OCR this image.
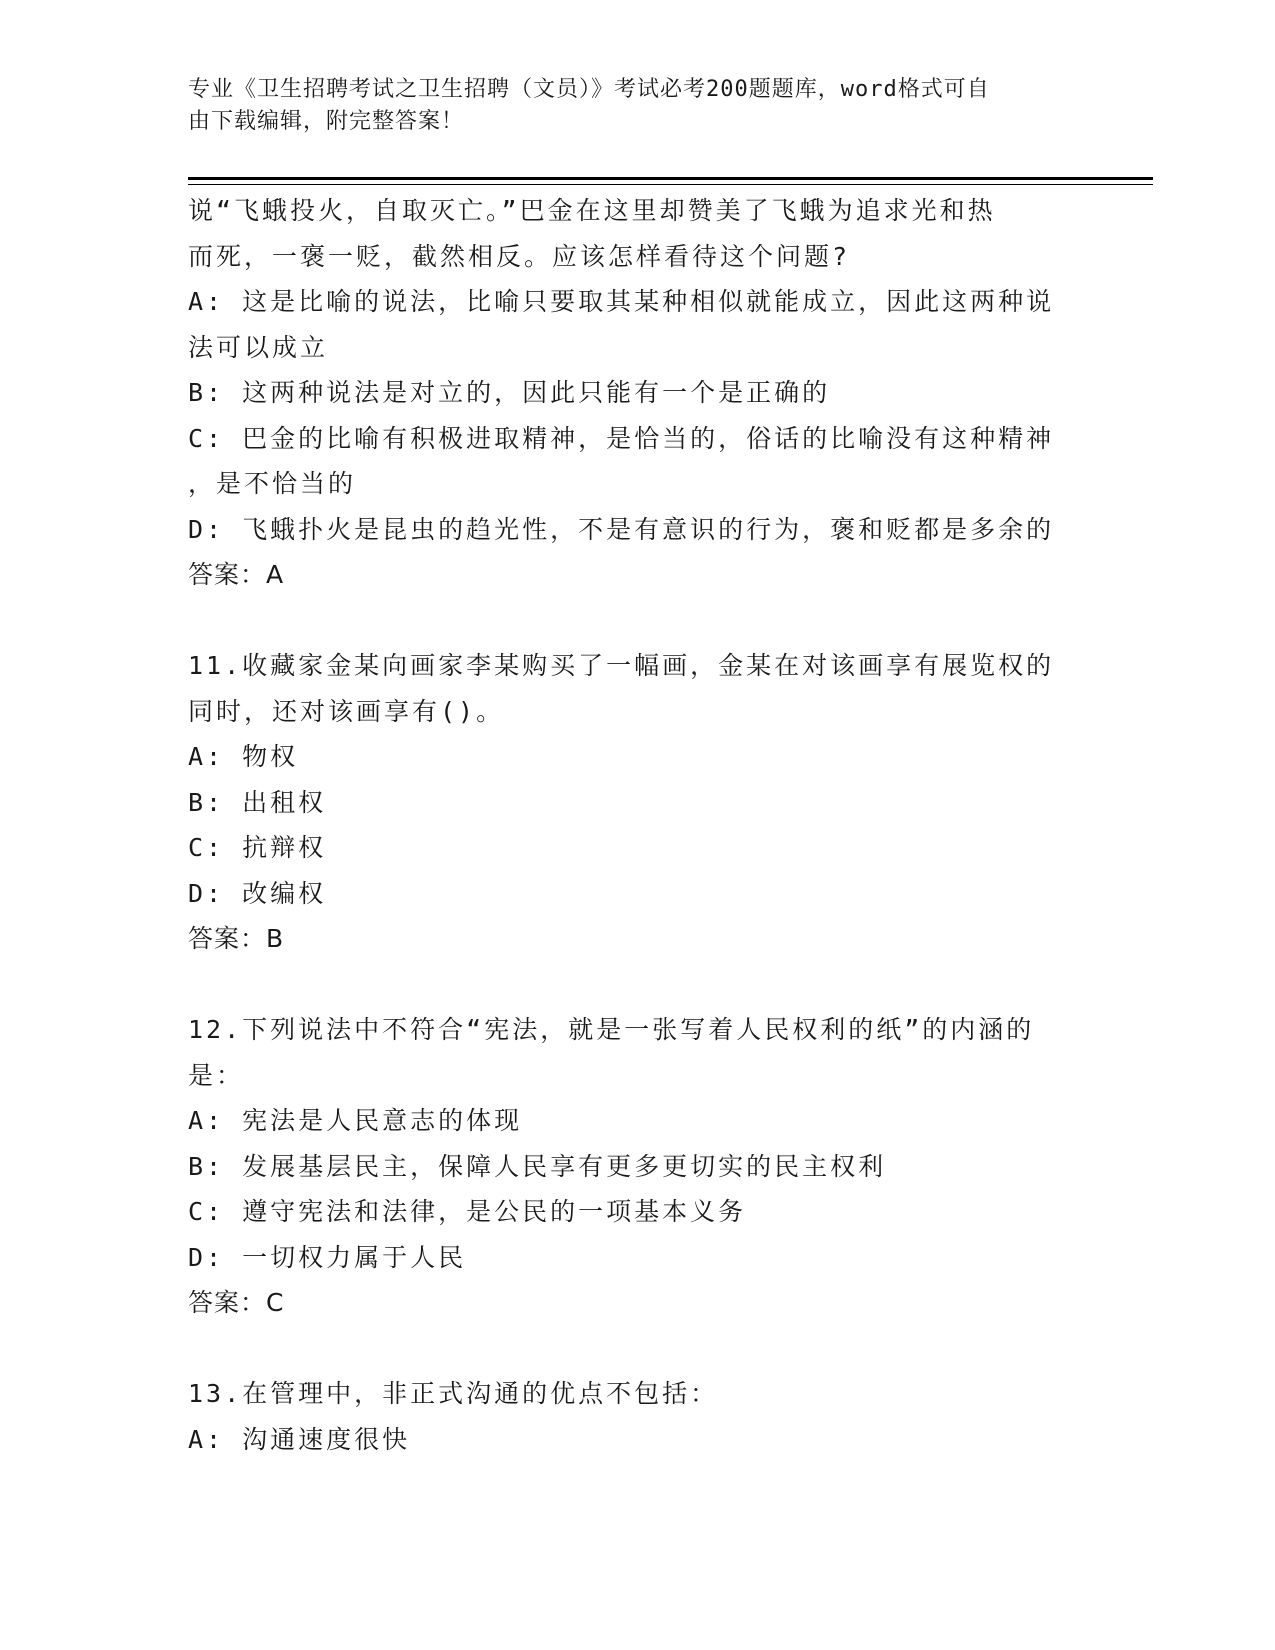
专业《卫生招聘考试之卫生招聘（文员）》考试必考200题题库，word格式可自
由下载编辑，附完整答案！
说“飞蛾投火，自取灭亡。”巴金在这里却赞美了飞蛾为追求光和热
而死，一褒一贬，截然相反。应该怎样看待这个问题?
A: 这是比喻的说法，比喻只要取其某种相似就能成立，因此这两种说
法可以成立
B: 这两种说法是对立的，因此只能有一个是正确的
C: 巴金的比喻有积极进取精神，是恰当的，俗话的比喻没有这种精神
，是不恰当的
D: 飞蛾扑火是昆虫的趋光性，不是有意识的行为，褒和贬都是多余的
答案：A
11.收藏家金某向画家李某购买了一幅画，金某在对该画享有展览权的
同时，还对该画享有()。
A: 物权
B: 出租权
C: 抗辩权
D: 改编权
答案：B
12.下列说法中不符合“宪法，就是一张写着人民权利的纸”的内涵的
是：
A: 宪法是人民意志的体现
B: 发展基层民主，保障人民享有更多更切实的民主权利
C: 遵守宪法和法律，是公民的一项基本义务
D: 一切权力属于人民
答案：C
13.在管理中，非正式沟通的优点不包括：
A: 沟通速度很快
